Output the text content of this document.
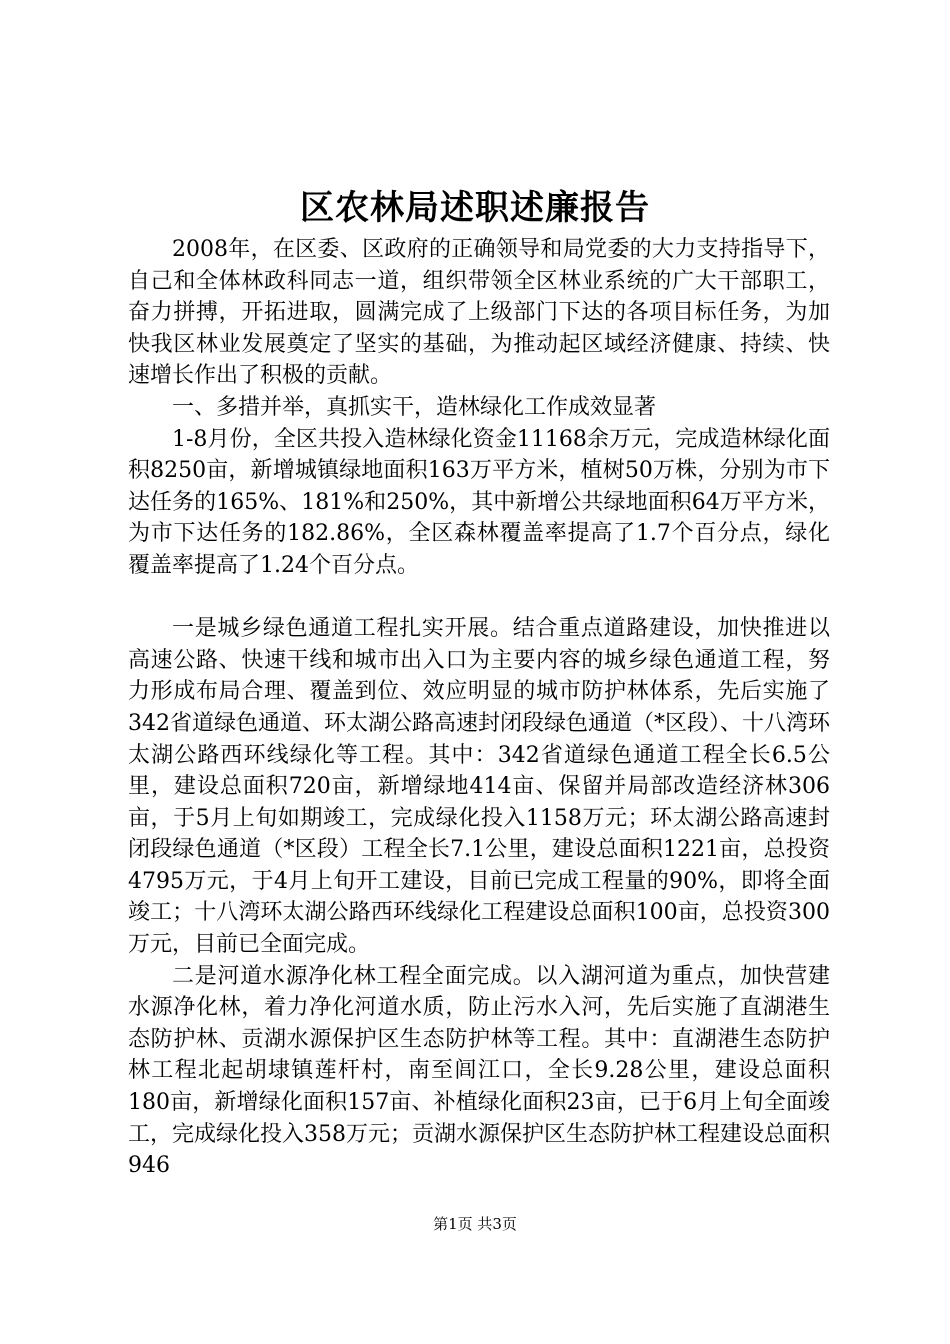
区农林局述职述廉报告

2008年，在区委、区政府的正确领导和局党委的大力支持指导下，自己和全体林政科同志一道，组织带领全区林业系统的广大干部职工，奋力拼搏，开拓进取，圆满完成了上级部门下达的各项目标任务，为加快我区林业发展奠定了坚实的基础，为推动起区域经济健康、持续、快速增长作出了积极的贡献。

一、多措并举，真抓实干，造林绿化工作成效显著

1-8月份，全区共投入造林绿化资金11168余万元，完成造林绿化面积8250亩，新增城镇绿地面积163万平方米，植树50万株，分别为市下达任务的165%、181%和250%，其中新增公共绿地面积64万平方米，为市下达任务的182.86%，全区森林覆盖率提高了1.7个百分点，绿化覆盖率提高了1.24个百分点。

一是城乡绿色通道工程扎实开展。结合重点道路建设，加快推进以高速公路、快速干线和城市出入口为主要内容的城乡绿色通道工程，努力形成布局合理、覆盖到位、效应明显的城市防护林体系，先后实施了342省道绿色通道、环太湖公路高速封闭段绿色通道（*区段）、十八湾环太湖公路西环线绿化等工程。其中：342省道绿色通道工程全长6.5公里，建设总面积720亩，新增绿地414亩、保留并局部改造经济林306亩，于5月上旬如期竣工，完成绿化投入1158万元；环太湖公路高速封闭段绿色通道（*区段）工程全长7.1公里，建设总面积1221亩，总投资4795万元，于4月上旬开工建设，目前已完成工程量的90%，即将全面竣工；十八湾环太湖公路西环线绿化工程建设总面积100亩，总投资300万元，目前已全面完成。

二是河道水源净化林工程全面完成。以入湖河道为重点，加快营建水源净化林，着力净化河道水质，防止污水入河，先后实施了直湖港生态防护林、贡湖水源保护区生态防护林等工程。其中：直湖港生态防护林工程北起胡埭镇莲杆村，南至闾江口，全长9.28公里，建设总面积180亩，新增绿化面积157亩、补植绿化面积23亩，已于6月上旬全面竣工，完成绿化投入358万元；贡湖水源保护区生态防护林工程建设总面积946

第1页 共3页
